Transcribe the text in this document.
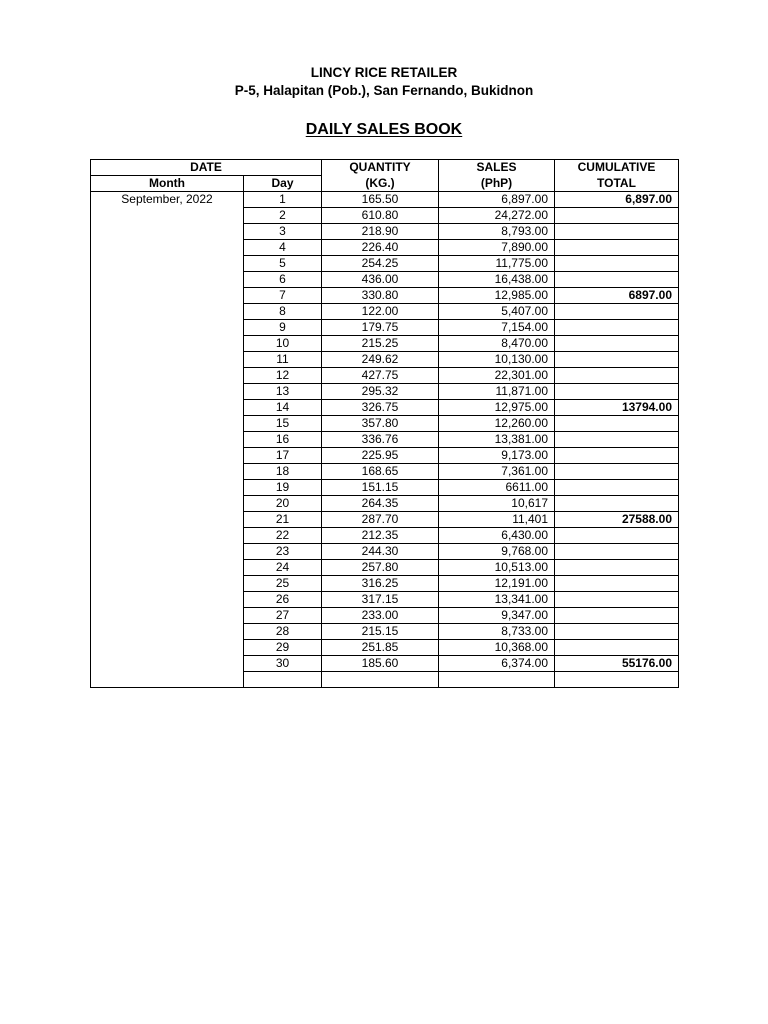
LINCY RICE RETAILER
P-5, Halapitan (Pob.), San Fernando, Bukidnon
DAILY SALES BOOK
DATE		QUANTITY	SALES	CUMULATIVE
Month	Day	(KG.)	(PhP)	TOTAL
September, 2022	1	165.50	6,897.00	6,897.00
	2	610.80	24,272.00	
	3	218.90	8,793.00	
	4	226.40	7,890.00	
	5	254.25	11,775.00	
	6	436.00	16,438.00	
	7	330.80	12,985.00	6897.00
	8	122.00	5,407.00	
	9	179.75	7,154.00	
	10	215.25	8,470.00	
	11	249.62	10,130.00	
	12	427.75	22,301.00	
	13	295.32	11,871.00	
	14	326.75	12,975.00	13794.00
	15	357.80	12,260.00	
	16	336.76	13,381.00	
	17	225.95	9,173.00	
	18	168.65	7,361.00	
	19	151.15	6611.00	
	20	264.35	10,617	
	21	287.70	11,401	27588.00
	22	212.35	6,430.00	
	23	244.30	9,768.00	
	24	257.80	10,513.00	
	25	316.25	12,191.00	
	26	317.15	13,341.00	
	27	233.00	9,347.00	
	28	215.15	8,733.00	
	29	251.85	10,368.00	
	30	185.60	6,374.00	55176.00
